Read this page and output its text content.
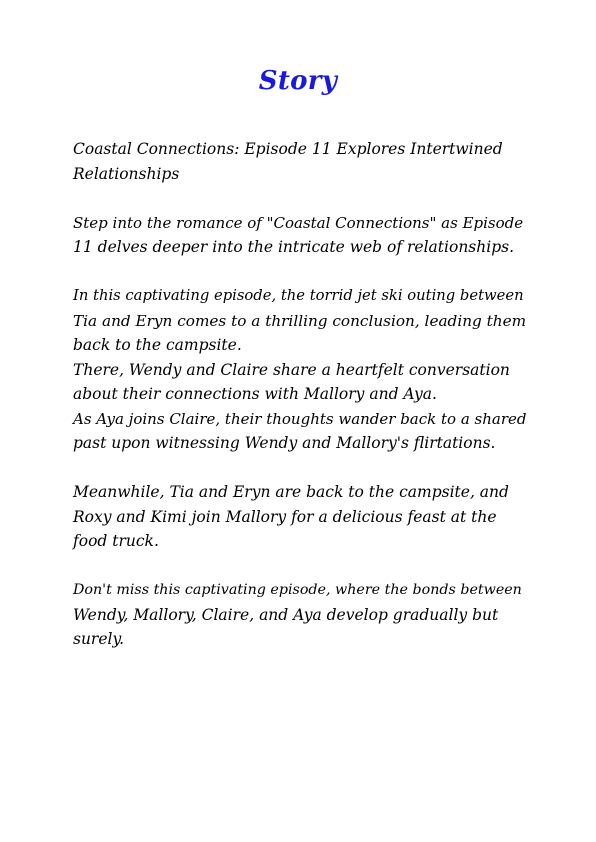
Story

Coastal Connections: Episode 11 Explores Intertwined
Relationships

Step into the romance of "Coastal Connections" as Episode
11 delves deeper into the intricate web of relationships.

In this captivating episode, the torrid jet ski outing between
Tia and Eryn comes to a thrilling conclusion, leading them
back to the campsite.
There, Wendy and Claire share a heartfelt conversation
about their connections with Mallory and Aya.
As Aya joins Claire, their thoughts wander back to a shared
past upon witnessing Wendy and Mallory's flirtations.

Meanwhile, Tia and Eryn are back to the campsite, and
Roxy and Kimi join Mallory for a delicious feast at the
food truck.

Don't miss this captivating episode, where the bonds between
Wendy, Mallory, Claire, and Aya develop gradually but
surely.
